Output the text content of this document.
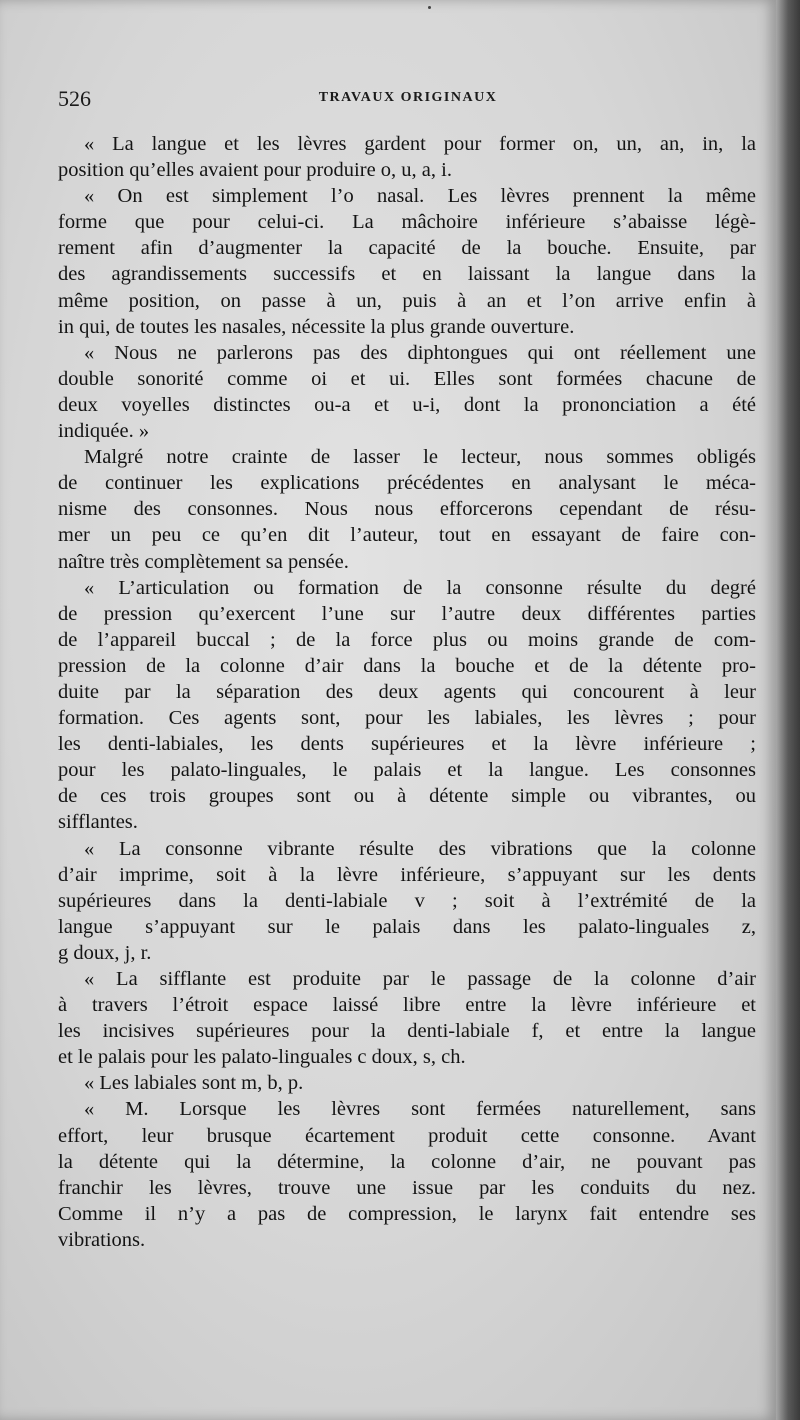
526	TRAVAUX ORIGINAUX
« La langue et les lèvres gardent pour former on, un, an, in, la
position qu’elles avaient pour produire o, u, a, i.
« On est simplement l’o nasal. Les lèvres prennent la même
forme que pour celui-ci. La mâchoire inférieure s’abaisse légè-
rement afin d’augmenter la capacité de la bouche. Ensuite, par
des agrandissements successifs et en laissant la langue dans la
même position, on passe à un, puis à an et l’on arrive enfin à
in qui, de toutes les nasales, nécessite la plus grande ouverture.
« Nous ne parlerons pas des diphtongues qui ont réellement une
double sonorité comme oi et ui. Elles sont formées chacune de
deux voyelles distinctes ou-a et u-i, dont la prononciation a été
indiquée. »
Malgré notre crainte de lasser le lecteur, nous sommes obligés
de continuer les explications précédentes en analysant le méca-
nisme des consonnes. Nous nous efforcerons cependant de résu-
mer un peu ce qu’en dit l’auteur, tout en essayant de faire con-
naître très complètement sa pensée.
« L’articulation ou formation de la consonne résulte du degré
de pression qu’exercent l’une sur l’autre deux différentes parties
de l’appareil buccal ; de la force plus ou moins grande de com-
pression de la colonne d’air dans la bouche et de la détente pro-
duite par la séparation des deux agents qui concourent à leur
formation. Ces agents sont, pour les labiales, les lèvres ; pour
les denti-labiales, les dents supérieures et la lèvre inférieure ;
pour les palato-linguales, le palais et la langue. Les consonnes
de ces trois groupes sont ou à détente simple ou vibrantes, ou
sifflantes.
« La consonne vibrante résulte des vibrations que la colonne
d’air imprime, soit à la lèvre inférieure, s’appuyant sur les dents
supérieures dans la denti-labiale v ; soit à l’extrémité de la
langue s’appuyant sur le palais dans les palato-linguales z,
g doux, j, r.
« La sifflante est produite par le passage de la colonne d’air
à travers l’étroit espace laissé libre entre la lèvre inférieure et
les incisives supérieures pour la denti-labiale f, et entre la langue
et le palais pour les palato-linguales c doux, s, ch.
« Les labiales sont m, b, p.
« M. Lorsque les lèvres sont fermées naturellement, sans
effort, leur brusque écartement produit cette consonne. Avant
la détente qui la détermine, la colonne d’air, ne pouvant pas
franchir les lèvres, trouve une issue par les conduits du nez.
Comme il n’y a pas de compression, le larynx fait entendre ses
vibrations.
